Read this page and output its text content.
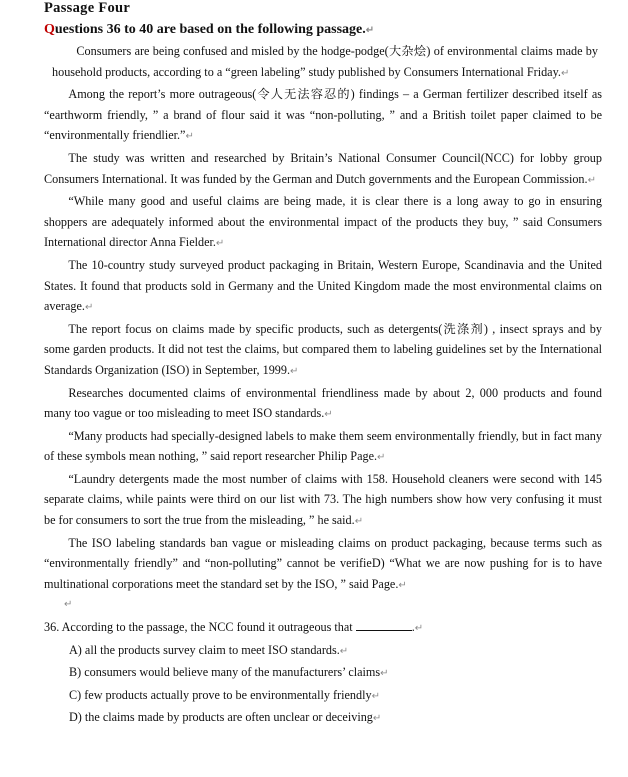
Passage Four
Questions 36 to 40 are based on the following passage.↵

Consumers are being confused and misled by the hodge-podge(大杂烩) of environmental claims made by household products, according to a “green labeling” study published by Consumers International Friday.↵

Among the report’s more outrageous(令人无法容忍的) findings – a German fertilizer described itself as “earthworm friendly, ” a brand of flour said it was “non-polluting, ” and a British toilet paper claimed to be “environmentally friendlier.”↵

The study was written and researched by Britain’s National Consumer Council(NCC) for lobby group Consumers International. It was funded by the German and Dutch governments and the European Commission.↵

“While many good and useful claims are being made, it is clear there is a long away to go in ensuring shoppers are adequately informed about the environmental impact of the products they buy, ” said Consumers International director Anna Fielder.↵

The 10-country study surveyed product packaging in Britain, Western Europe, Scandinavia and the United States. It found that products sold in Germany and the United Kingdom made the most environmental claims on average.↵

The report focus on claims made by specific products, such as detergents(洗涤剂) , insect sprays and by some garden products. It did not test the claims, but compared them to labeling guidelines set by the International Standards Organization (ISO) in September, 1999.↵

Researches documented claims of environmental friendliness made by about 2, 000 products and found many too vague or too misleading to meet ISO standards.↵

“Many products had specially-designed labels to make them seem environmentally friendly, but in fact many of these symbols mean nothing, ” said report researcher Philip Page.↵

“Laundry detergents made the most number of claims with 158. Household cleaners were second with 145 separate claims, while paints were third on our list with 73. The high numbers show how very confusing it must be for consumers to sort the true from the misleading, ” he said.↵

The ISO labeling standards ban vague or misleading claims on product packaging, because terms such as “environmentally friendly” and “non-polluting” cannot be verifieD) “What we are now pushing for is to have multinational corporations meet the standard set by the ISO, ” said Page.↵

↵
36. According to the passage, the NCC found it outrageous that	.↵
A) all the products survey claim to meet ISO standards.↵
B) consumers would believe many of the manufacturers’ claims↵
C) few products actually prove to be environmentally friendly↵
D) the claims made by products are often unclear or deceiving↵
